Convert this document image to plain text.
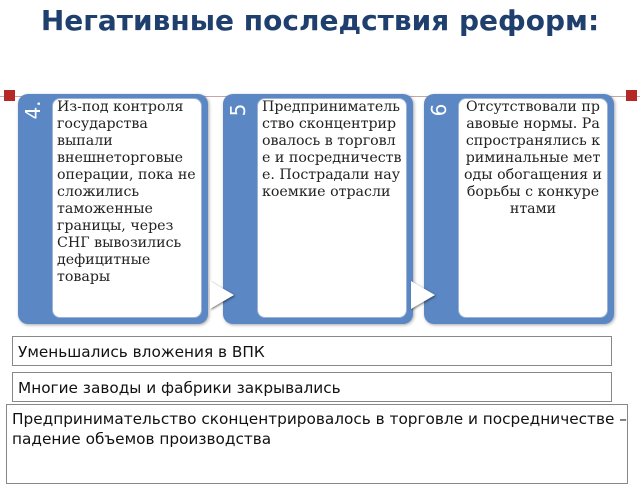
Негативные последствия реформ:
4. Из-под контроля государства выпали внешнеторговые операции, пока не сложились таможенные границы, через СНГ вывозились дефицитные товары
5 Предпринимательство сконцентрировалось в торговле и посредничестве. Пострадали наукоемкие отрасли
6	Отсутствовали правовые нормы. Распространялись криминальные методы обогащения и борьбы с конкурентами
Уменьшались вложения в ВПК
Многие заводы и фабрики закрывались
Предпринимательство сконцентрировалось в торговле и посредничестве – падение объемов производства
